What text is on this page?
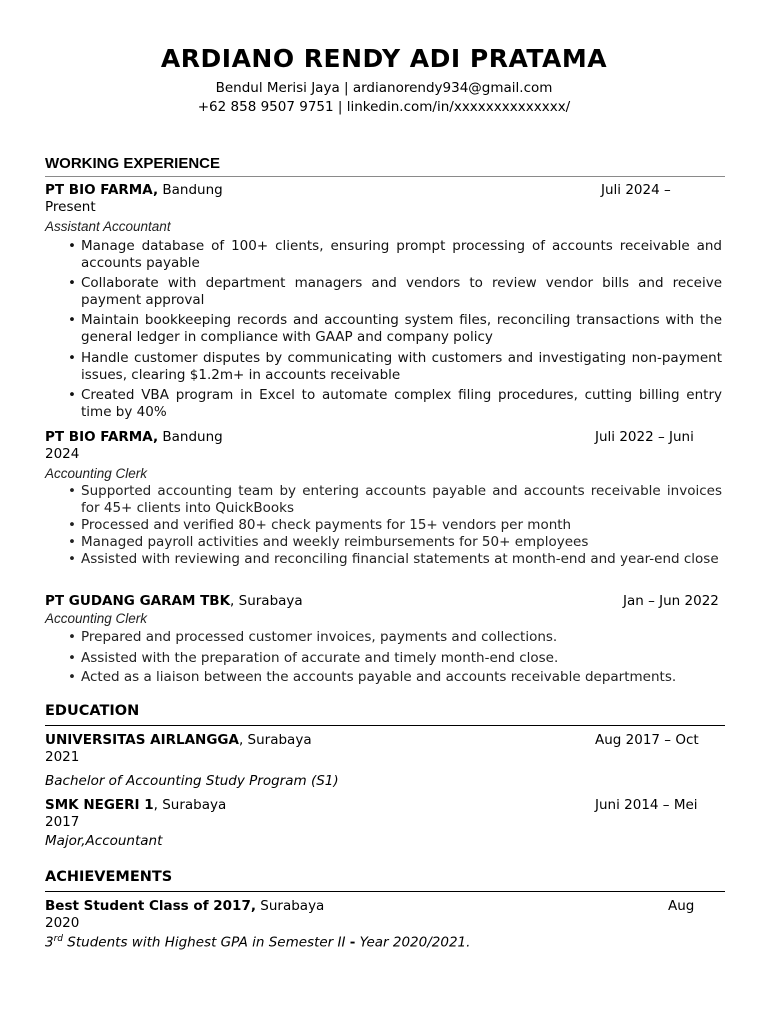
ARDIANO RENDY ADI PRATAMA
Bendul Merisi Jaya | ardianorendy934@gmail.com
+62 858 9507 9751 | linkedin.com/in/xxxxxxxxxxxxxx/
WORKING EXPERIENCE
PT BIO FARMA, Bandung	Juli 2024 –
Present
Assistant Accountant
• Manage database of 100+ clients, ensuring prompt processing of accounts receivable and accounts payable
• Collaborate with department managers and vendors to review vendor bills and receive payment approval
• Maintain bookkeeping records and accounting system files, reconciling transactions with the general ledger in compliance with GAAP and company policy
• Handle customer disputes by communicating with customers and investigating non-payment issues, clearing $1.2m+ in accounts receivable
• Created VBA program in Excel to automate complex filing procedures, cutting billing entry time by 40%
PT BIO FARMA, Bandung	Juli 2022 – Juni
2024
Accounting Clerk
• Supported accounting team by entering accounts payable and accounts receivable invoices for 45+ clients into QuickBooks
• Processed and verified 80+ check payments for 15+ vendors per month
• Managed payroll activities and weekly reimbursements for 50+ employees
• Assisted with reviewing and reconciling financial statements at month-end and year-end close
PT GUDANG GARAM TBK, Surabaya	Jan – Jun 2022
Accounting Clerk
• Prepared and processed customer invoices, payments and collections.
• Assisted with the preparation of accurate and timely month-end close.
• Acted as a liaison between the accounts payable and accounts receivable departments.
EDUCATION
UNIVERSITAS AIRLANGGA, Surabaya	Aug 2017 – Oct
2021
Bachelor of Accounting Study Program (S1)
SMK NEGERI 1, Surabaya	Juni 2014 – Mei
2017
Major,Accountant
ACHIEVEMENTS
Best Student Class of 2017, Surabaya	Aug
2020
3rd Students with Highest GPA in Semester II - Year 2020/2021.
